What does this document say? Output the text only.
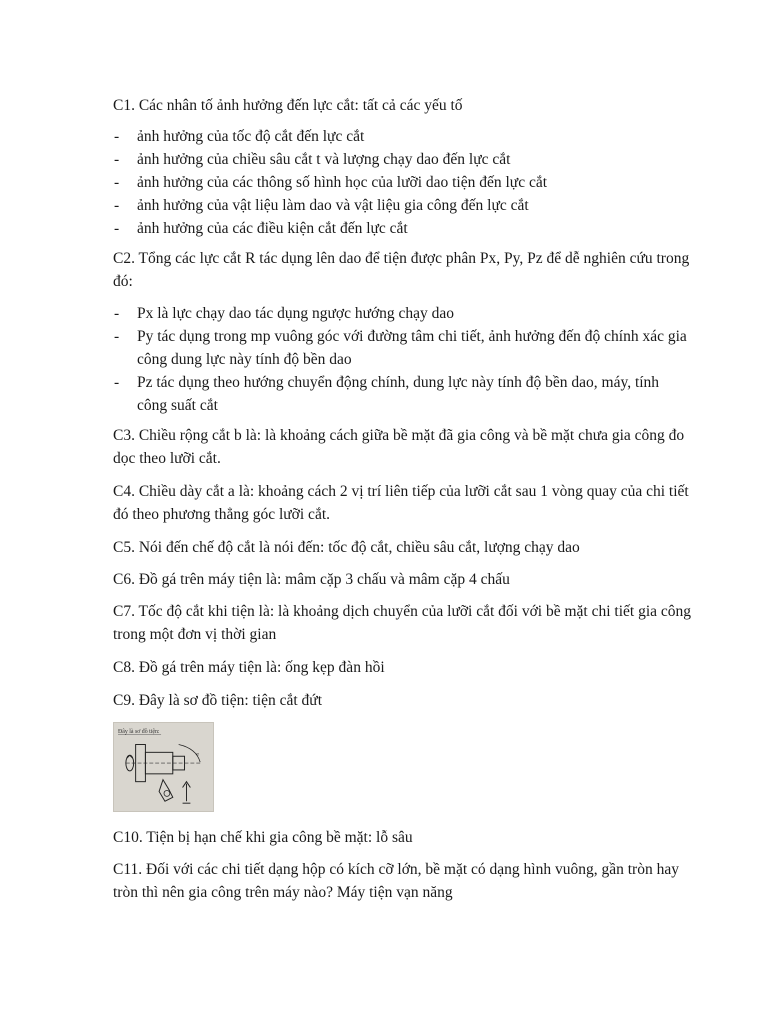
C1. Các nhân tố ảnh hưởng đến lực cắt: tất cả các yếu tố

- ảnh hưởng của tốc độ cắt đến lực cắt
- ảnh hưởng của chiều sâu cắt t và lượng chạy dao đến lực cắt
- ảnh hưởng của các thông số hình học của lưỡi dao tiện đến lực cắt
- ảnh hưởng của vật liệu làm dao và vật liệu gia công đến lực cắt
- ảnh hưởng của các điều kiện cắt đến lực cắt

C2. Tổng các lực cắt R tác dụng lên dao để tiện được phân Px, Py, Pz để dễ nghiên cứu trong đó:

- Px là lực chạy dao tác dụng ngược hướng chạy dao
- Py tác dụng trong mp vuông góc với đường tâm chi tiết, ảnh hưởng đến độ chính xác gia công dung lực này tính độ bền dao
- Pz tác dụng theo hướng chuyển động chính, dung lực này tính độ bền dao, máy, tính công suất cắt

C3. Chiều rộng cắt b là: là khoảng cách giữa bề mặt đã gia công và bề mặt chưa gia công đo dọc theo lưỡi cắt.

C4. Chiều dày cắt a là: khoảng cách 2 vị trí liên tiếp của lưỡi cắt sau 1 vòng quay của chi tiết đó theo phương thẳng góc lưỡi cắt.

C5. Nói đến chế độ cắt là nói đến: tốc độ cắt, chiều sâu cắt, lượng chạy dao

C6. Đồ gá trên máy tiện là: mâm cặp 3 chấu và mâm cặp 4 chấu

C7. Tốc độ cắt khi tiện là: là khoảng dịch chuyển của lưỡi cắt đối với bề mặt chi tiết gia công trong một đơn vị thời gian

C8. Đồ gá trên máy tiện là: ống kẹp đàn hồi

C9. Đây là sơ đồ tiện: tiện cắt đứt

Đây là sơ đồ tiện:
e

C10. Tiện bị hạn chế khi gia công bề mặt: lỗ sâu

C11. Đối với các chi tiết dạng hộp có kích cỡ lớn, bề mặt có dạng hình vuông, gần tròn hay tròn thì nên gia công trên máy nào? Máy tiện vạn năng
